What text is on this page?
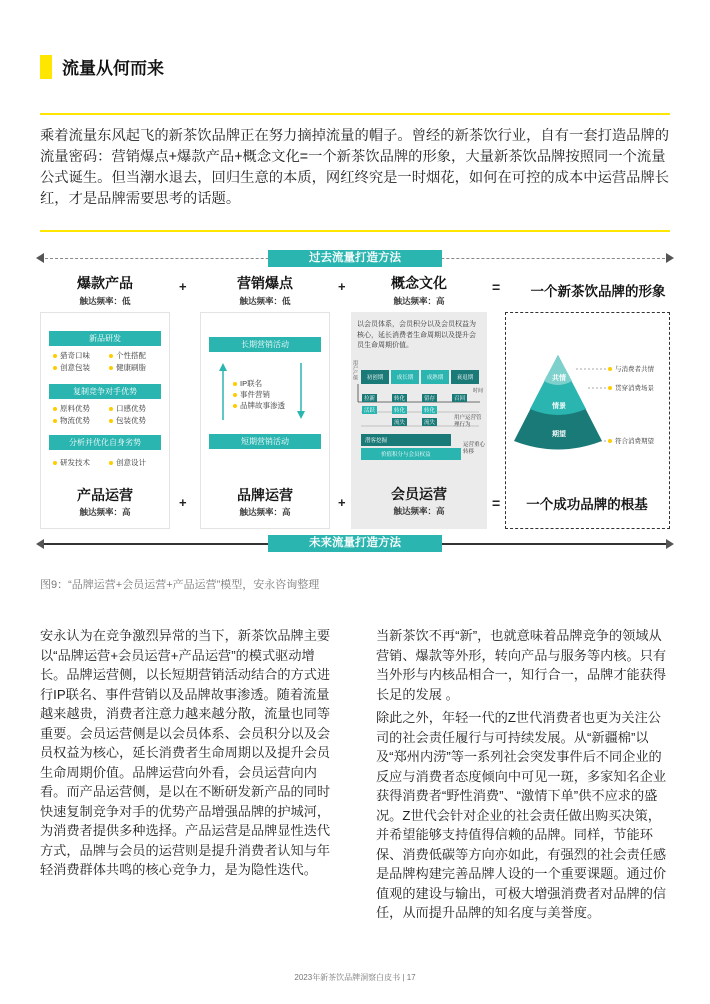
流量从何而来
乘着流量东风起飞的新茶饮品牌正在努力摘掉流量的帽子。曾经的新茶饮行业，自有一套打造品牌的流量密码：营销爆点+爆款产品+概念文化=一个新茶饮品牌的形象，大量新茶饮品牌按照同一个流量公式诞生。但当潮水退去，回归生意的本质，网红终究是一时烟花，如何在可控的成本中运营品牌长红，才是品牌需要思考的话题。
过去流量打造方法
爆款产品
触达频率：低
+	营销爆点
触达频率：低
+	概念文化
触达频率：高
=	一个新茶饮品牌的形象
新品研发
猎奇口味	个性搭配
创意包装	健康刷脂
复制竞争对手优势
原料优势	口感优势
物流优势	包装优势
分析并优化自身劣势
研发技术	创意设计
产品运营
触达频率：高
+
长期营销活动
IP联名
事件营销
品牌故事渗透
短期营销活动
品牌运营
触达频率：高
+
以会员体系，会员积分以及会员权益为核心，延长消费者生命周期以及提升会员生命周期价值。
用户产值	初创期	成长期	成熟期	衰退期
时间
拉新	转化	留存	召回
活跃	转化	转化
流失	流失
用户运营管理行为
潜客挖掘
价值积分与会员权益
运营重心转移
会员运营
触达频率：高	=
共情
情景
期望
与消费者共情
贯穿消费场景
符合消费期望
一个成功品牌的根基
未来流量打造方法
图9：“品牌运营+会员运营+产品运营”模型，安永咨询整理
安永认为在竞争激烈异常的当下，新茶饮品牌主要以“品牌运营+会员运营+产品运营”的模式驱动增长。品牌运营侧，以长短期营销活动结合的方式进行IP联名、事件营销以及品牌故事渗透。随着流量越来越贵，消费者注意力越来越分散，流量也同等重要。会员运营侧是以会员体系、会员积分以及会员权益为核心，延长消费者生命周期以及提升会员生命周期价值。品牌运营向外看，会员运营向内看。而产品运营侧，是以在不断研发新产品的同时快速复制竞争对手的优势产品增强品牌的护城河，为消费者提供多种选择。产品运营是品牌显性迭代方式，品牌与会员的运营则是提升消费者认知与年轻消费群体共鸣的核心竞争力，是为隐性迭代。
当新茶饮不再“新”，也就意味着品牌竞争的领域从营销、爆款等外形，转向产品与服务等内核。只有当外形与内核品相合一，知行合一，品牌才能获得长足的发展 。
除此之外，年轻一代的Z世代消费者也更为关注公司的社会责任履行与可持续发展。从“新疆棉”以及“郑州内涝”等一系列社会突发事件后不同企业的反应与消费者态度倾向中可见一斑，多家知名企业获得消费者“野性消费”、“激情下单”供不应求的盛况。Z世代会针对企业的社会责任做出购买决策，并希望能够支持值得信赖的品牌。同样，节能环保、消费低碳等方向亦如此，有强烈的社会责任感是品牌构建完善品牌人设的一个重要课题。通过价值观的建设与输出，可极大增强消费者对品牌的信任，从而提升品牌的知名度与美誉度。
2023年新茶饮品牌洞察白皮书 | 17
